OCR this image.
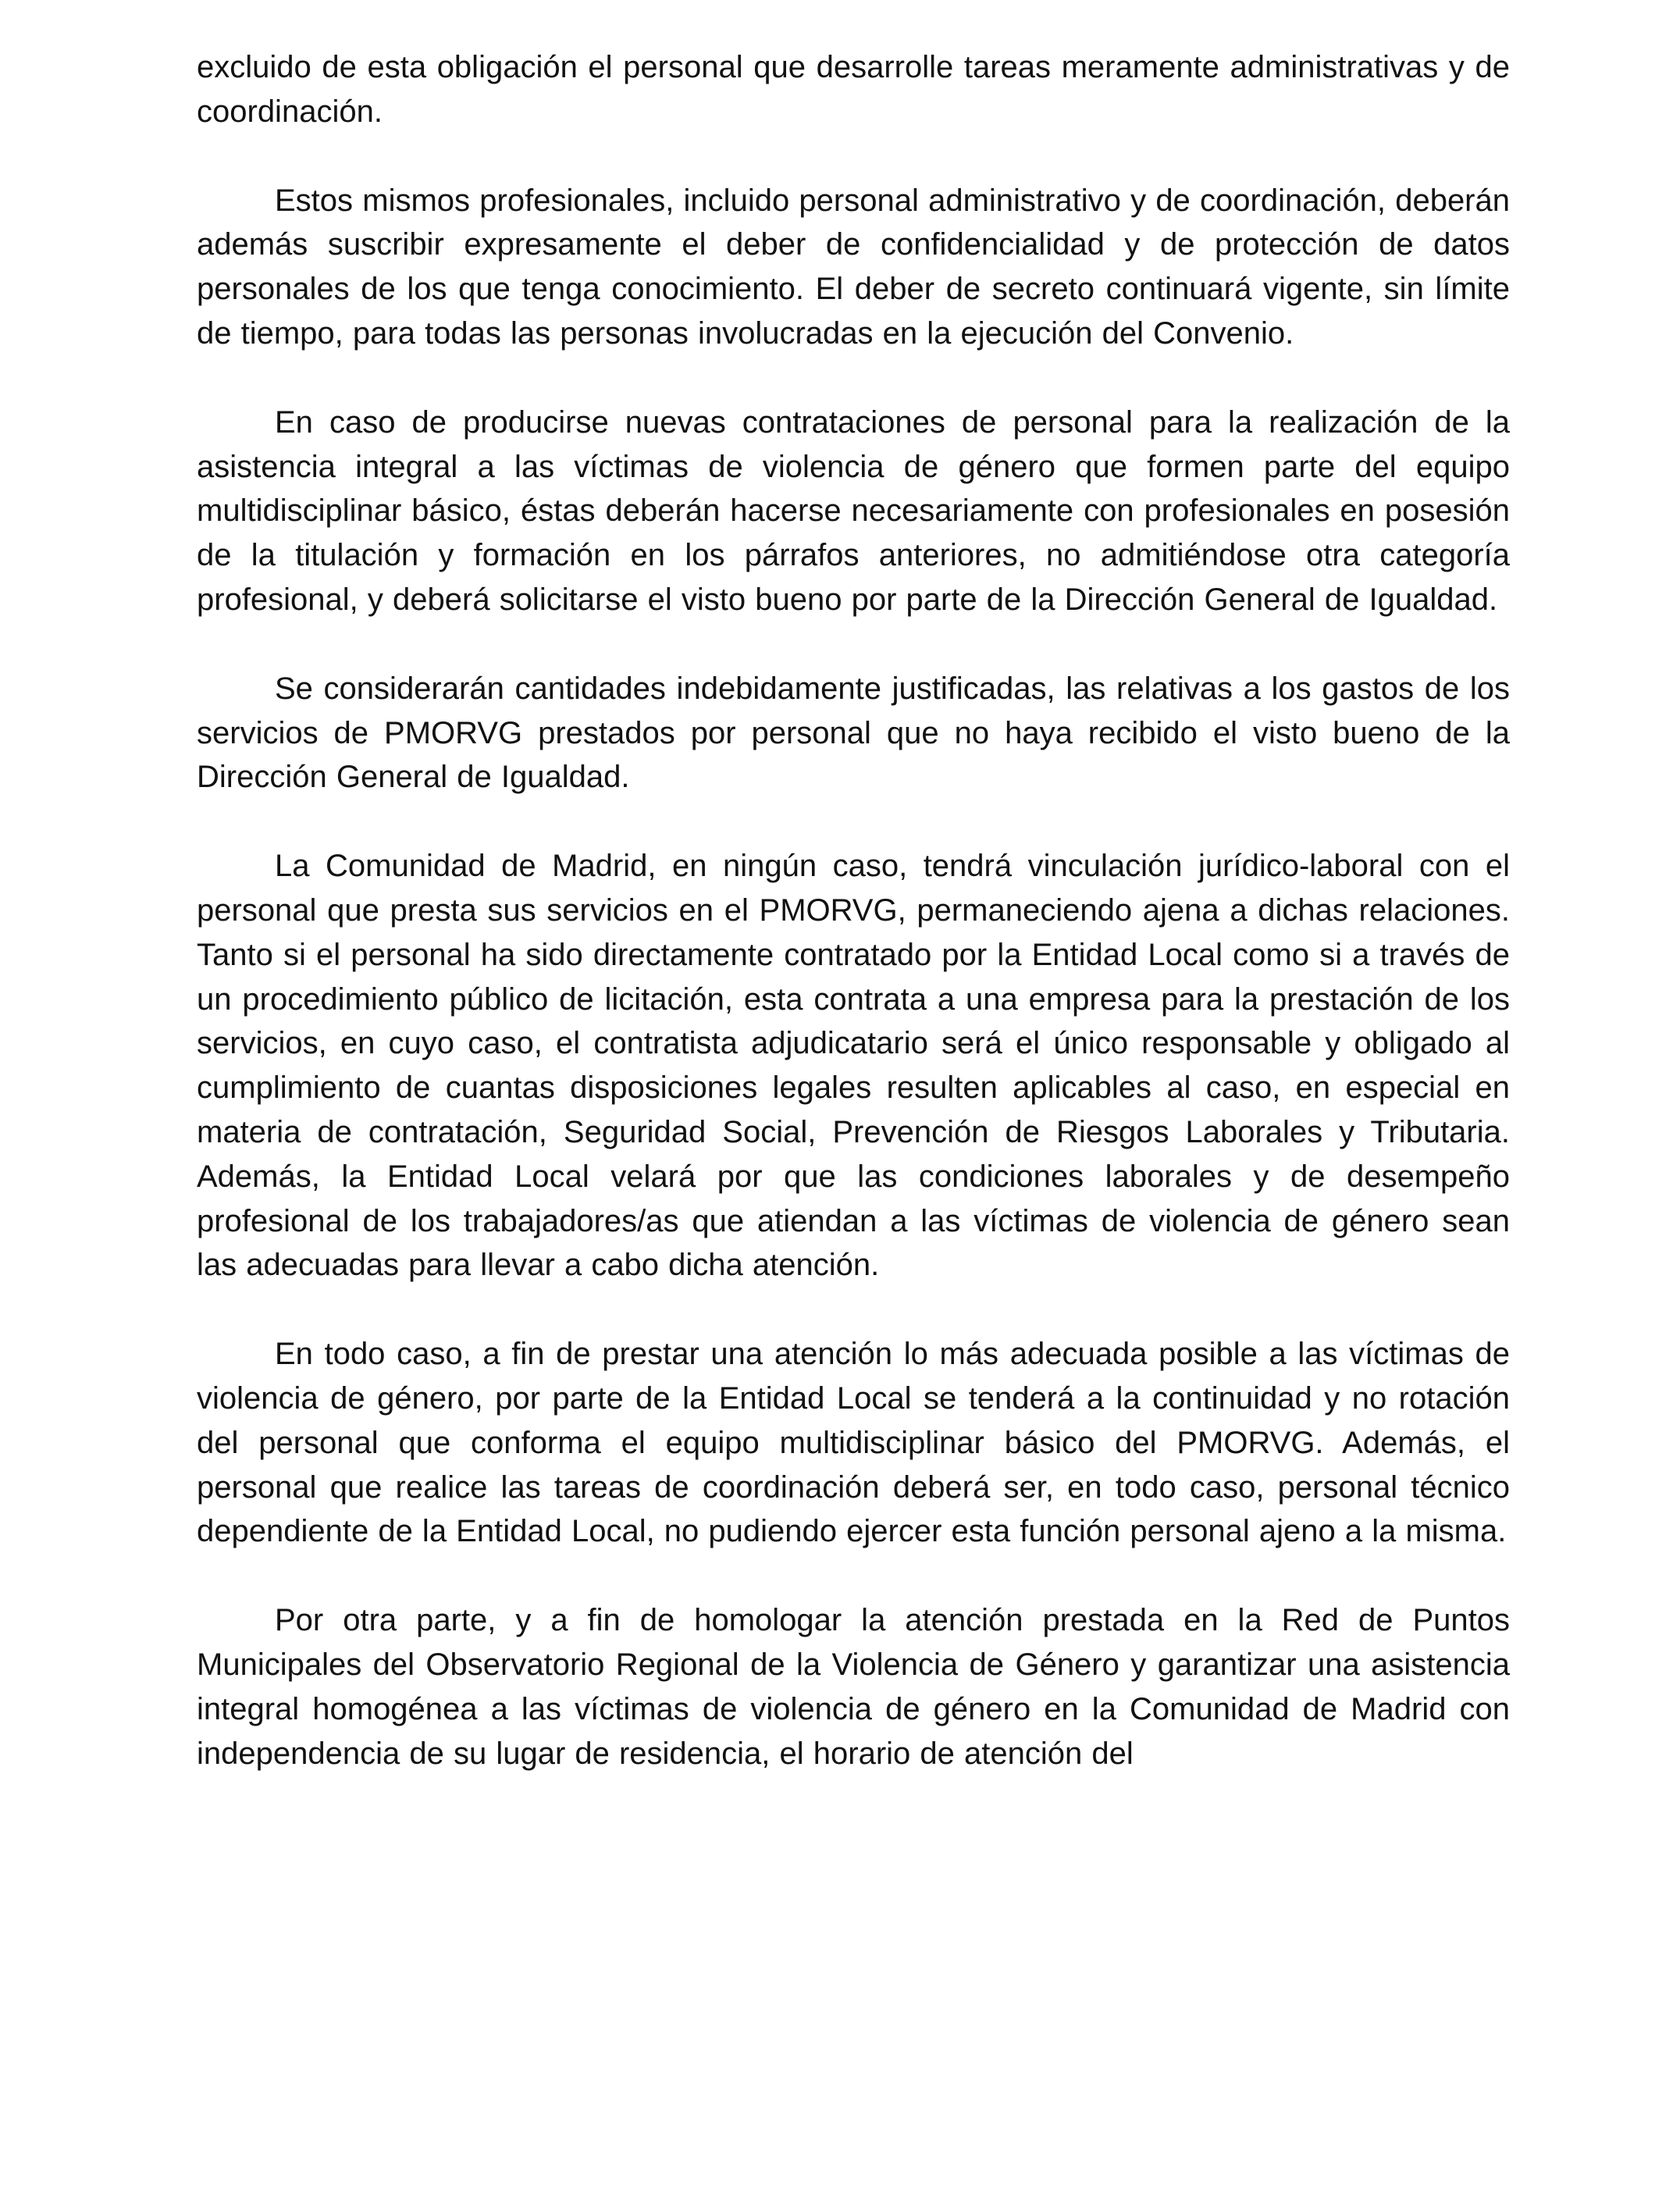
excluido de esta obligación el personal que desarrolle tareas meramente administrativas y de coordinación.

Estos mismos profesionales, incluido personal administrativo y de coordinación, deberán además suscribir expresamente el deber de confidencialidad y de protección de datos personales de los que tenga conocimiento. El deber de secreto continuará vigente, sin límite de tiempo, para todas las personas involucradas en la ejecución del Convenio.

En caso de producirse nuevas contrataciones de personal para la realización de la asistencia integral a las víctimas de violencia de género que formen parte del equipo multidisciplinar básico, éstas deberán hacerse necesariamente con profesionales en posesión de la titulación y formación en los párrafos anteriores, no admitiéndose otra categoría profesional, y deberá solicitarse el visto bueno por parte de la Dirección General de Igualdad.

Se considerarán cantidades indebidamente justificadas, las relativas a los gastos de los servicios de PMORVG prestados por personal que no haya recibido el visto bueno de la Dirección General de Igualdad.

La Comunidad de Madrid, en ningún caso, tendrá vinculación jurídico-laboral con el personal que presta sus servicios en el PMORVG, permaneciendo ajena a dichas relaciones. Tanto si el personal ha sido directamente contratado por la Entidad Local como si a través de un procedimiento público de licitación, esta contrata a una empresa para la prestación de los servicios, en cuyo caso, el contratista adjudicatario será el único responsable y obligado al cumplimiento de cuantas disposiciones legales resulten aplicables al caso, en especial en materia de contratación, Seguridad Social, Prevención de Riesgos Laborales y Tributaria. Además, la Entidad Local velará por que las condiciones laborales y de desempeño profesional de los trabajadores/as que atiendan a las víctimas de violencia de género sean las adecuadas para llevar a cabo dicha atención.

En todo caso, a fin de prestar una atención lo más adecuada posible a las víctimas de violencia de género, por parte de la Entidad Local se tenderá a la continuidad y no rotación del personal que conforma el equipo multidisciplinar básico del PMORVG. Además, el personal que realice las tareas de coordinación deberá ser, en todo caso, personal técnico dependiente de la Entidad Local, no pudiendo ejercer esta función personal ajeno a la misma.

Por otra parte, y a fin de homologar la atención prestada en la Red de Puntos Municipales del Observatorio Regional de la Violencia de Género y garantizar una asistencia integral homogénea a las víctimas de violencia de género en la Comunidad de Madrid con independencia de su lugar de residencia, el horario de atención del
